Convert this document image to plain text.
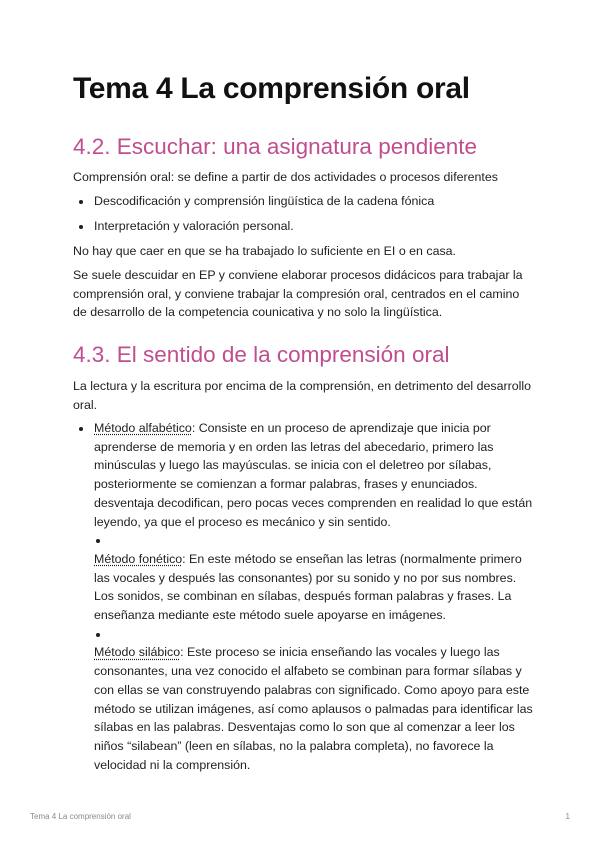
Tema 4 La comprensión oral
4.2. Escuchar: una asignatura pendiente

Comprensión oral: se define a partir de dos actividades o procesos diferentes

Descodificación y comprensión lingüística de la cadena fónica
Interpretación y valoración personal.

No hay que caer en que se ha trabajado lo suficiente en EI o en casa.

Se suele descuidar en EP y conviene elaborar procesos didácicos para trabajar la comprensión oral, y conviene trabajar la compresión oral, centrados en el camino de desarrollo de la competencia counicativa y no solo la lingüística.

4.3. El sentido de la comprensión oral

La lectura y la escritura por encima de la comprensión, en detrimento del desarrollo oral.

Método alfabético: Consiste en un proceso de aprendizaje que inicia por aprenderse de memoria y en orden las letras del abecedario, primero las minúsculas y luego las mayúsculas. se inicia con el deletreo por sílabas, posteriormente se comienzan a formar palabras, frases y enunciados. desventaja decodifican, pero pocas veces comprenden en realidad lo que están leyendo, ya que el proceso es mecánico y sin sentido.

Método fonético: En este método se enseñan las letras (normalmente primero las vocales y después las consonantes) por su sonido y no por sus nombres. Los sonidos, se combinan en sílabas, después forman palabras y frases. La enseñanza mediante este método suele apoyarse en imágenes.

Método silábico: Este proceso se inicia enseñando las vocales y luego las consonantes, una vez conocido el alfabeto se combinan para formar sílabas y con ellas se van construyendo palabras con significado. Como apoyo para este método se utilizan imágenes, así como aplausos o palmadas para identificar las sílabas en las palabras. Desventajas como lo son que al comenzar a leer los niños “silabean” (leen en sílabas, no la palabra completa), no favorece la velocidad ni la comprensión.

Tema 4 La comprensión oral	1
